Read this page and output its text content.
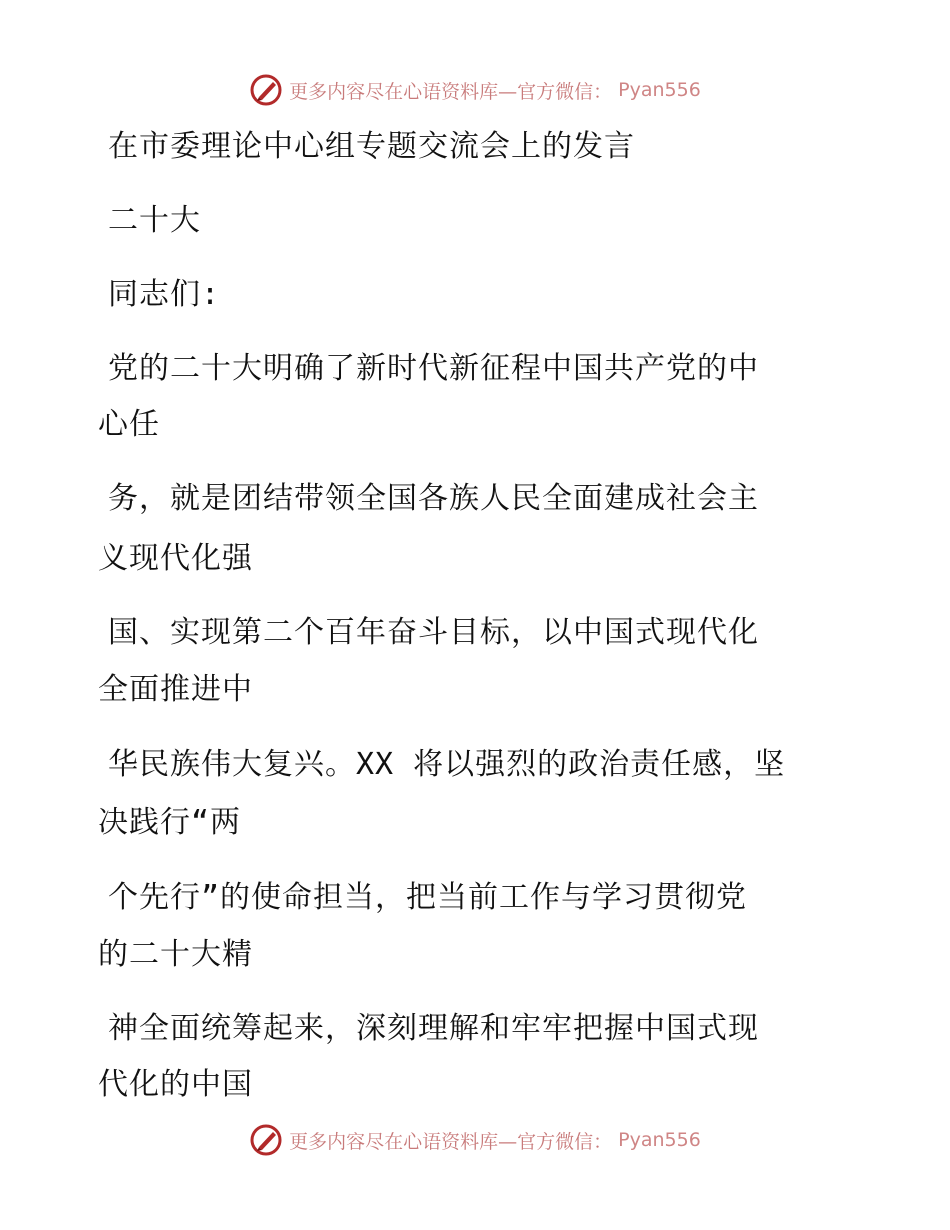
更多内容尽在心语资料库—官方微信： Pyan556
在市委理论中心组专题交流会上的发言
二十大
同志们:
党的二十大明确了新时代新征程中国共产党的中
心任
务，就是团结带领全国各族人民全面建成社会主
义现代化强
国、实现第二个百年奋斗目标，以中国式现代化
全面推进中
华民族伟大复兴。XX 将以强烈的政治责任感，坚
决践行“两
个先行”的使命担当，把当前工作与学习贯彻党
的二十大精
神全面统筹起来，深刻理解和牢牢把握中国式现
代化的中国
更多内容尽在心语资料库—官方微信： Pyan556
